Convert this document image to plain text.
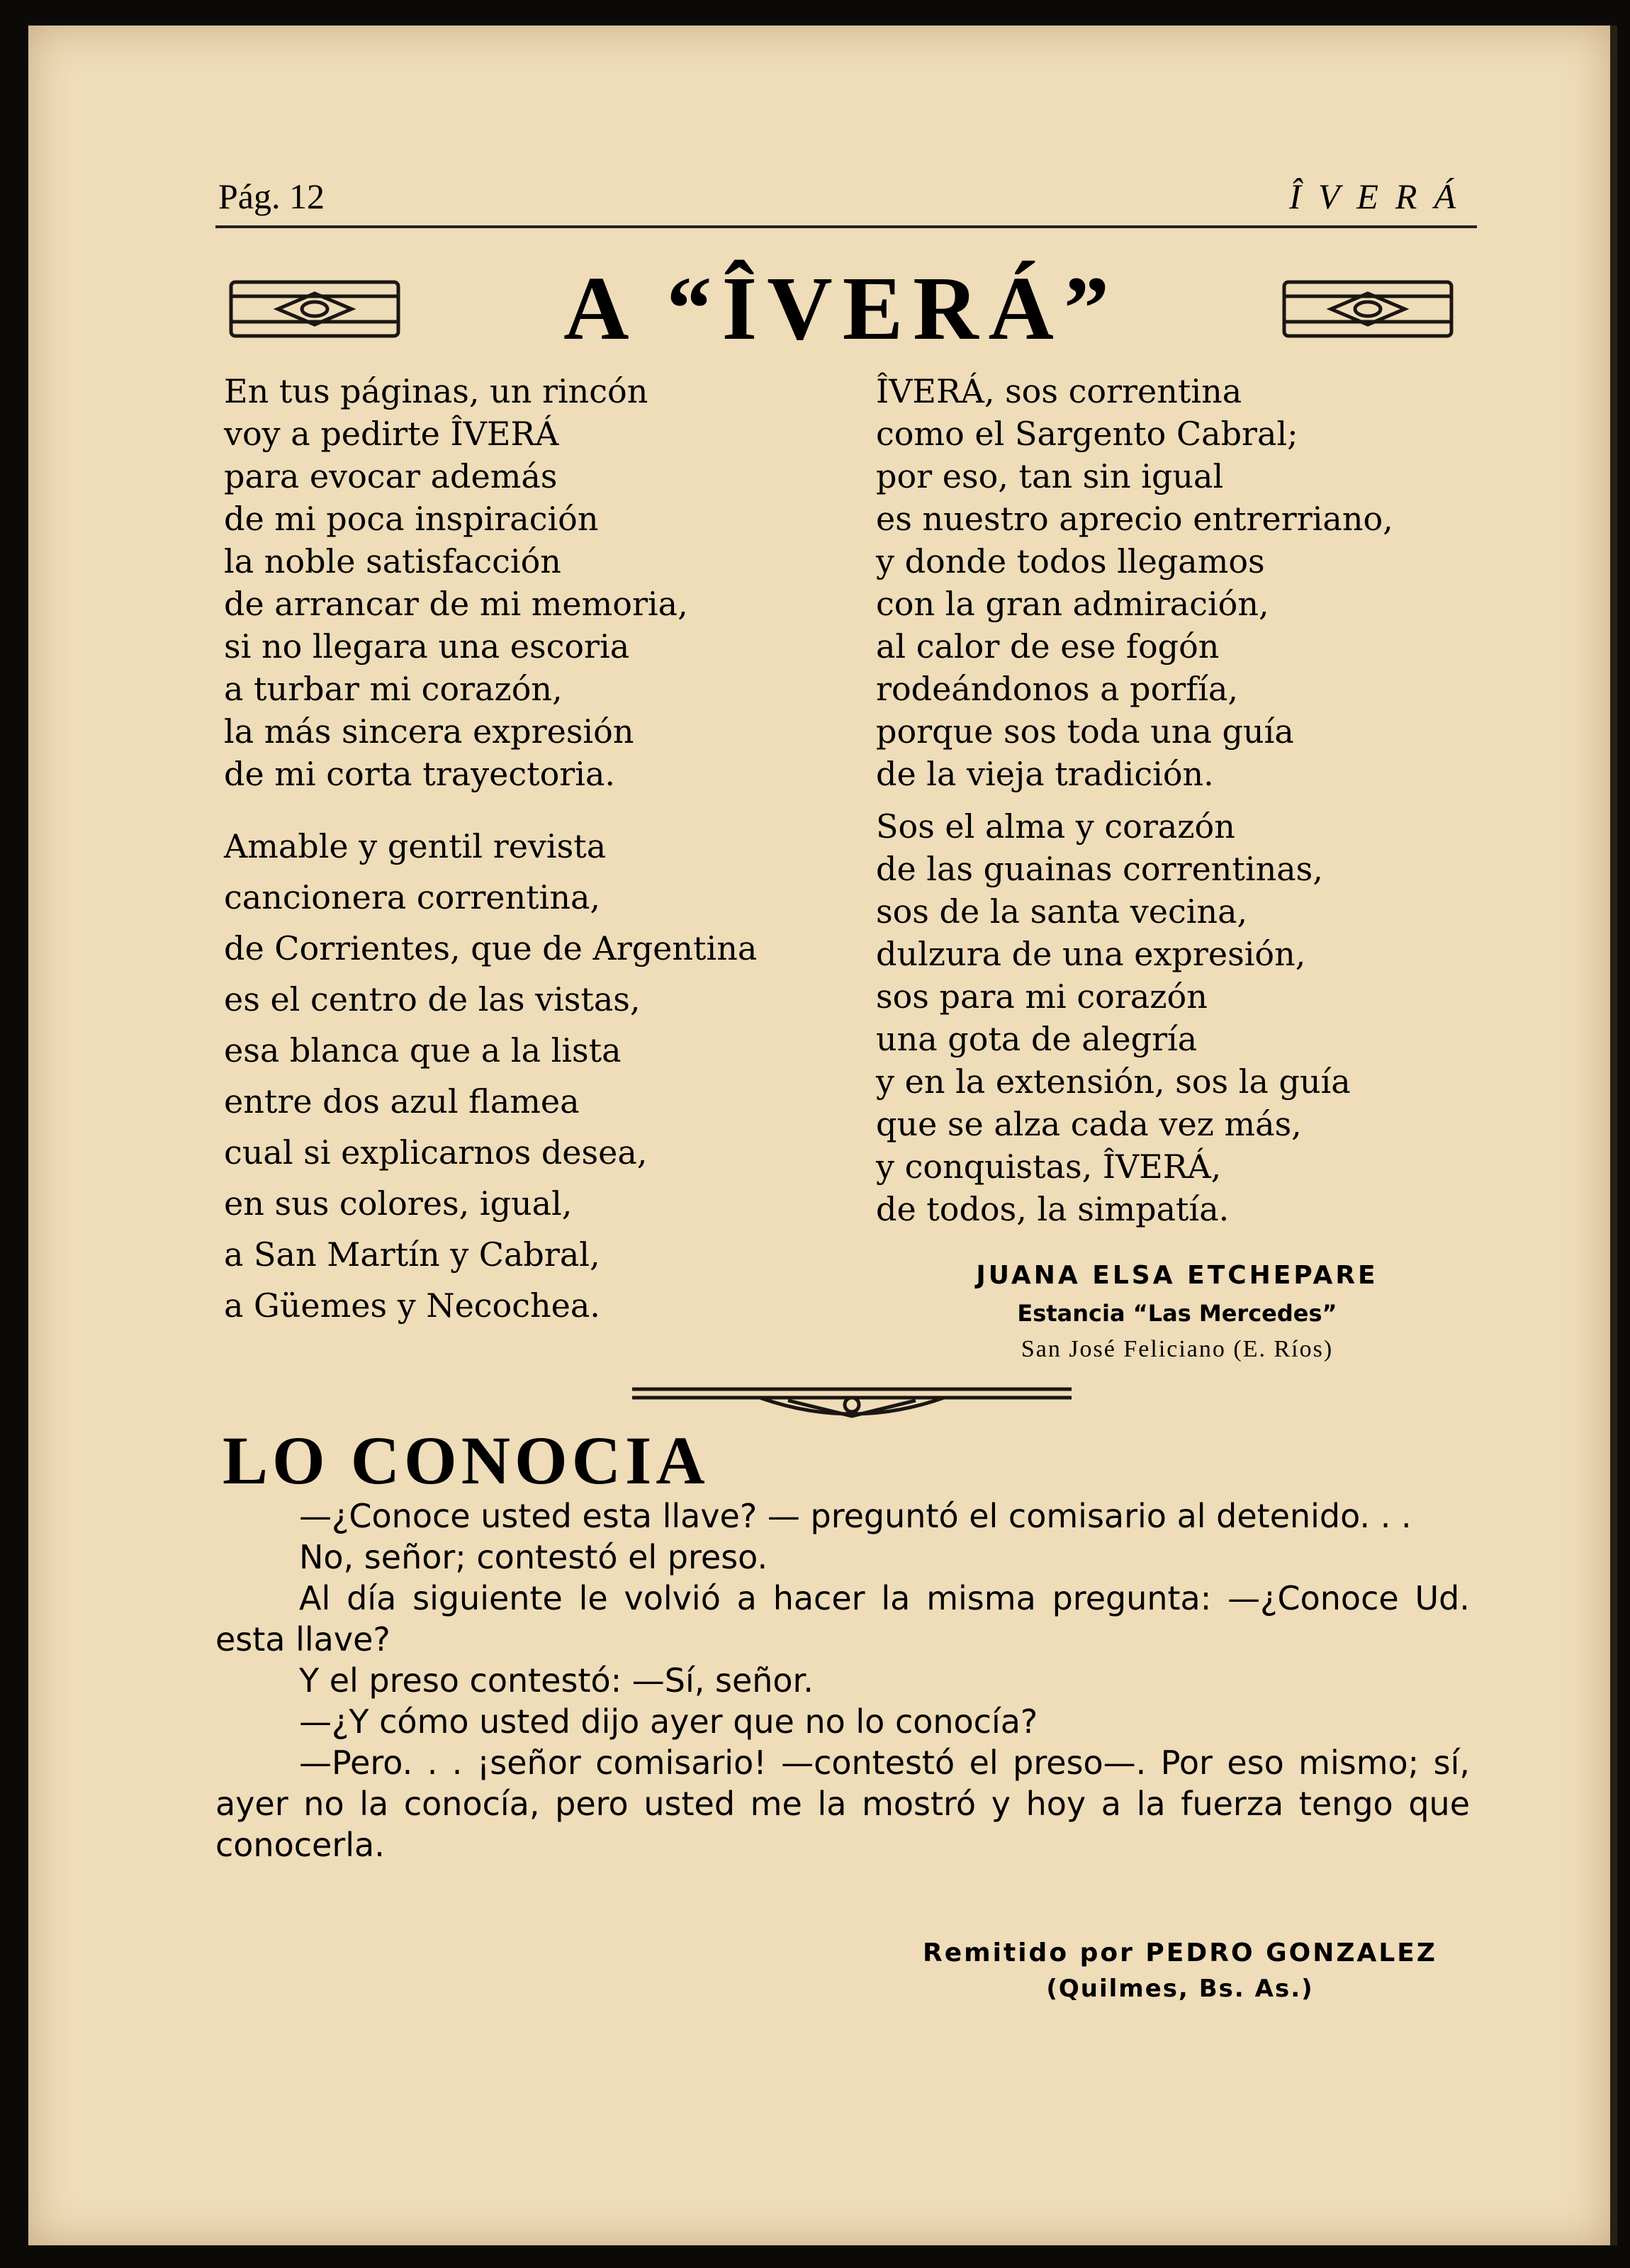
Pág. 12	ÎVERÁ
A “ÎVERÁ”
En tus páginas, un rincón
voy a pedirte ÎVERÁ
para evocar además
de mi poca inspiración
la noble satisfacción
de arrancar de mi memoria,
si no llegara una escoria
a turbar mi corazón,
la más sincera expresión
de mi corta trayectoria.
Amable y gentil revista
cancionera correntina,
de Corrientes, que de Argentina
es el centro de las vistas,
esa blanca que a la lista
entre dos azul flamea
cual si explicarnos desea,
en sus colores, igual,
a San Martín y Cabral,
a Güemes y Necochea.
ÎVERÁ, sos correntina
como el Sargento Cabral;
por eso, tan sin igual
es nuestro aprecio entrerriano,
y donde todos llegamos
con la gran admiración,
al calor de ese fogón
rodeándonos a porfía,
porque sos toda una guía
de la vieja tradición.
Sos el alma y corazón
de las guainas correntinas,
sos de la santa vecina,
dulzura de una expresión,
sos para mi corazón
una gota de alegría
y en la extensión, sos la guía
que se alza cada vez más,
y conquistas, ÎVERÁ,
de todos, la simpatía.
JUANA ELSA ETCHEPARE
Estancia “Las Mercedes”
San José Feliciano (E. Ríos)
LO CONOCIA

—¿Conoce usted esta llave? — preguntó el comisario al detenido. . .

No, señor; contestó el preso.

Al día siguiente le volvió a hacer la misma pregunta: —¿Conoce Ud. esta llave?

Y el preso contestó: —Sí, señor.

—¿Y cómo usted dijo ayer que no lo conocía?

—Pero. . . ¡señor comisario! —contestó el preso—. Por eso mismo; sí, ayer no la conocía, pero usted me la mostró y hoy a la fuerza tengo que conocerla.

Remitido por PEDRO GONZALEZ
(Quilmes, Bs. As.)
